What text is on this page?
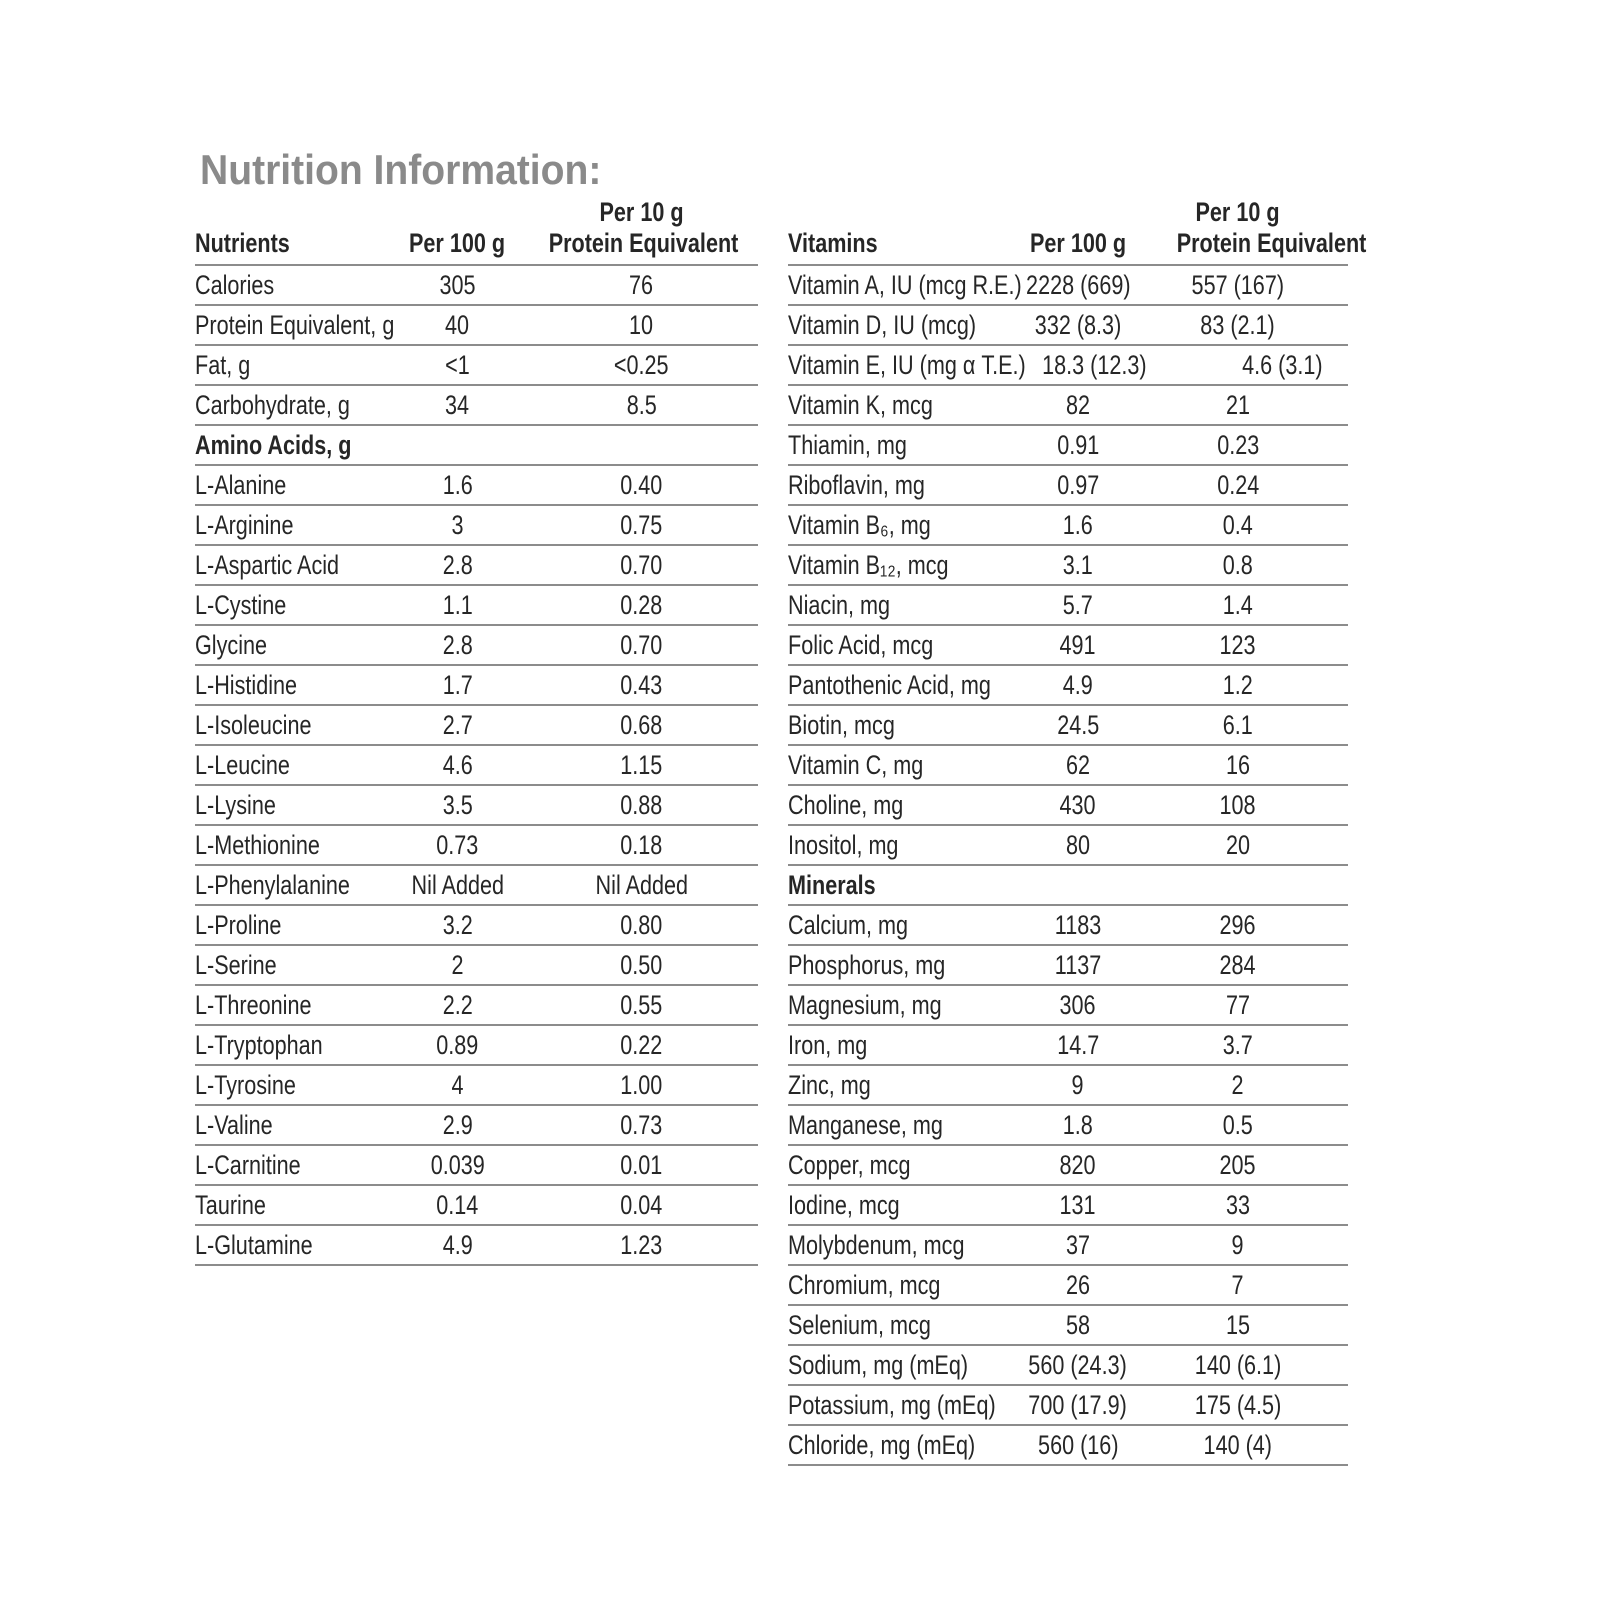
Nutrition Information:
		Per 10 g
Nutrients	Per 100 g	Protein Equivalent
Calories	305	76
Protein Equivalent, g	40	10
Fat, g	<1	<0.25
Carbohydrate, g	34	8.5
Amino Acids, g		
L-Alanine	1.6	0.40
L-Arginine	3	0.75
L-Aspartic Acid	2.8	0.70
L-Cystine	1.1	0.28
Glycine	2.8	0.70
L-Histidine	1.7	0.43
L-Isoleucine	2.7	0.68
L-Leucine	4.6	1.15
L-Lysine	3.5	0.88
L-Methionine	0.73	0.18
L-Phenylalanine	Nil Added	Nil Added
L-Proline	3.2	0.80
L-Serine	2	0.50
L-Threonine	2.2	0.55
L-Tryptophan	0.89	0.22
L-Tyrosine	4	1.00
L-Valine	2.9	0.73
L-Carnitine	0.039	0.01
Taurine	0.14	0.04
L-Glutamine	4.9	1.23
		Per 10 g
Vitamins	Per 100 g	Protein Equivalent
Vitamin A, IU (mcg R.E.)	2228 (669)	557 (167)
Vitamin D, IU (mcg)	332 (8.3)	83 (2.1)
Vitamin E, IU (mg α T.E.)	18.3 (12.3)	4.6 (3.1)
Vitamin K, mcg	82	21
Thiamin, mg	0.91	0.23
Riboflavin, mg	0.97	0.24
Vitamin B₆, mg	1.6	0.4
Vitamin B₁₂, mcg	3.1	0.8
Niacin, mg	5.7	1.4
Folic Acid, mcg	491	123
Pantothenic Acid, mg	4.9	1.2
Biotin, mcg	24.5	6.1
Vitamin C, mg	62	16
Choline, mg	430	108
Inositol, mg	80	20
Minerals		
Calcium, mg	1183	296
Phosphorus, mg	1137	284
Magnesium, mg	306	77
Iron, mg	14.7	3.7
Zinc, mg	9	2
Manganese, mg	1.8	0.5
Copper, mcg	820	205
Iodine, mcg	131	33
Molybdenum, mcg	37	9
Chromium, mcg	26	7
Selenium, mcg	58	15
Sodium, mg (mEq)	560 (24.3)	140 (6.1)
Potassium, mg (mEq)	700 (17.9)	175 (4.5)
Chloride, mg (mEq)	560 (16)	140 (4)
